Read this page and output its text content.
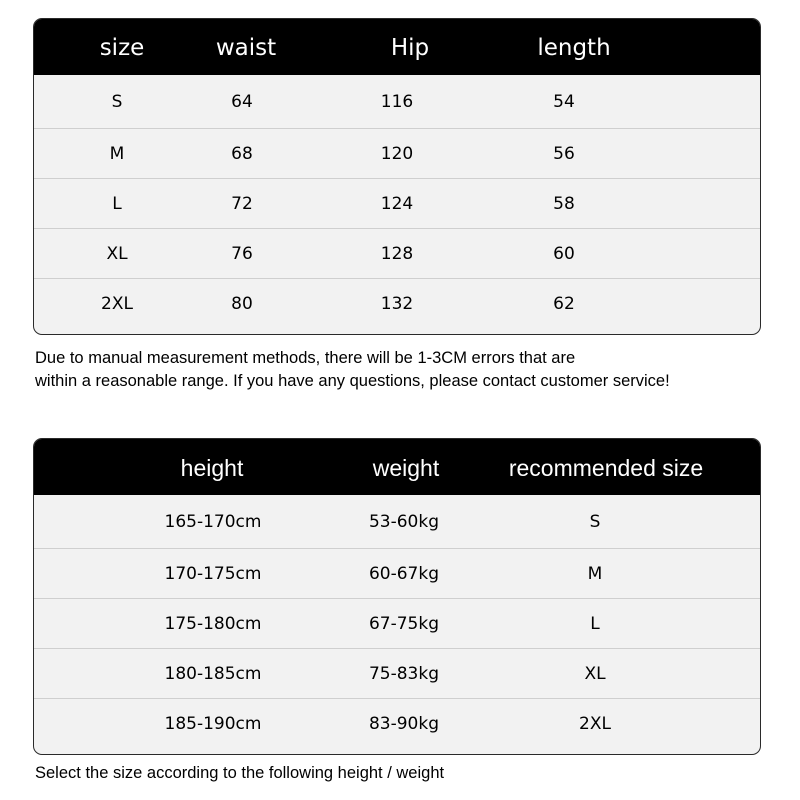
size	waist	Hip	length
S	64	116	54
M	68	120	56
L	72	124	58
XL	76	128	60
2XL	80	132	62
Due to manual measurement methods, there will be 1-3CM errors that are
within a reasonable range. If you have any questions, please contact customer service!
height	weight	recommended size
165-170cm	53-60kg	S
170-175cm	60-67kg	M
175-180cm	67-75kg	L
180-185cm	75-83kg	XL
185-190cm	83-90kg	2XL
Select the size according to the following height / weight
